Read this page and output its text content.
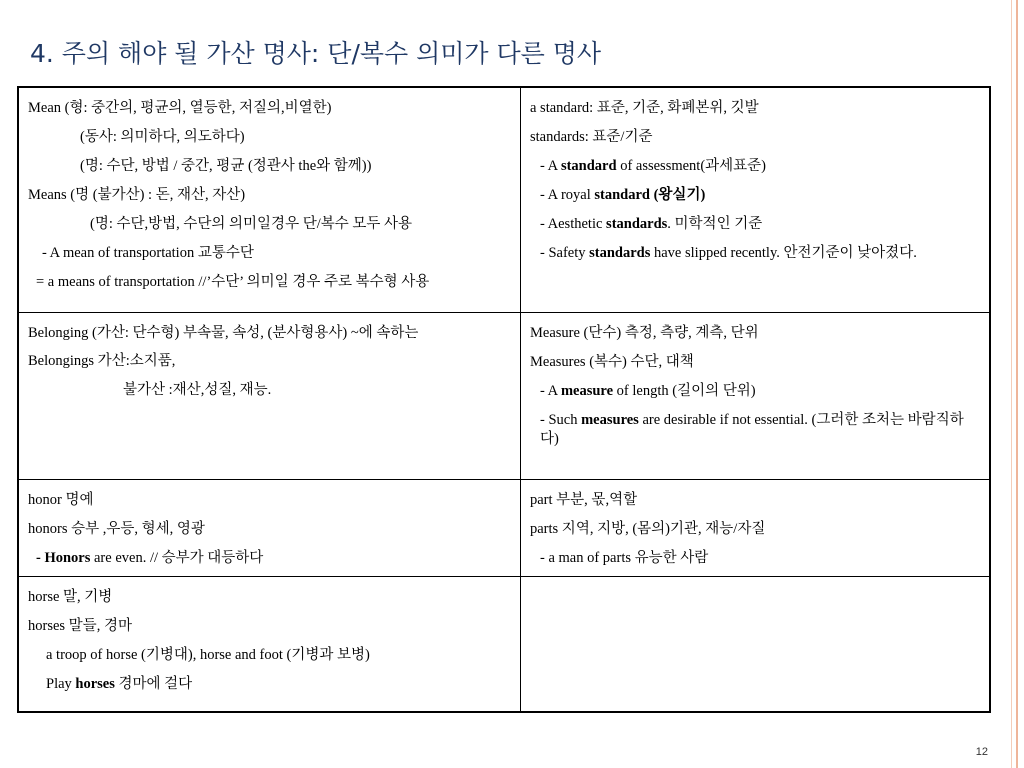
4. 주의 해야 될 가산 명사: 단/복수 의미가 다른 명사
Mean (형: 중간의, 평균의, 열등한, 저질의,비열한)
(동사: 의미하다, 의도하다)
(명: 수단, 방법 / 중간, 평균 (정관사 the와 함께))
Means (명 (불가산) : 돈, 재산, 자산)
(명: 수단,방법, 수단의 의미일경우 단/복수 모두 사용
- A mean of transportation 교통수단
= a means of transportation //’수단’ 의미일 경우 주로 복수형 사용
a standard: 표준, 기준, 화폐본위, 깃발
standards: 표준/기준
- A standard of assessment(과세표준)
- A royal standard (왕실기)
- Aesthetic standards. 미학적인 기준
- Safety standards have slipped recently. 안전기준이 낮아졌다.
Belonging (가산: 단수형) 부속물, 속성, (분사형용사) ~에 속하는
Belongings 가산:소지품,
불가산 :재산,성질, 재능.
Measure (단수) 측정, 측량, 계측, 단위
Measures (복수) 수단, 대책
- A measure of length (길이의 단위)
- Such measures are desirable if not essential. (그러한 조처는 바람직하다)
honor 명예
honors 승부 ,우등, 형세, 영광
- Honors are even. // 승부가 대등하다
part 부분, 몫,역할
parts 지역, 지방, (몸의)기관, 재능/자질
- a man of parts 유능한 사람
horse 말, 기병
horses 말들, 경마
a troop of horse (기병대), horse and foot (기병과 보병)
Play horses 경마에 걸다
12
